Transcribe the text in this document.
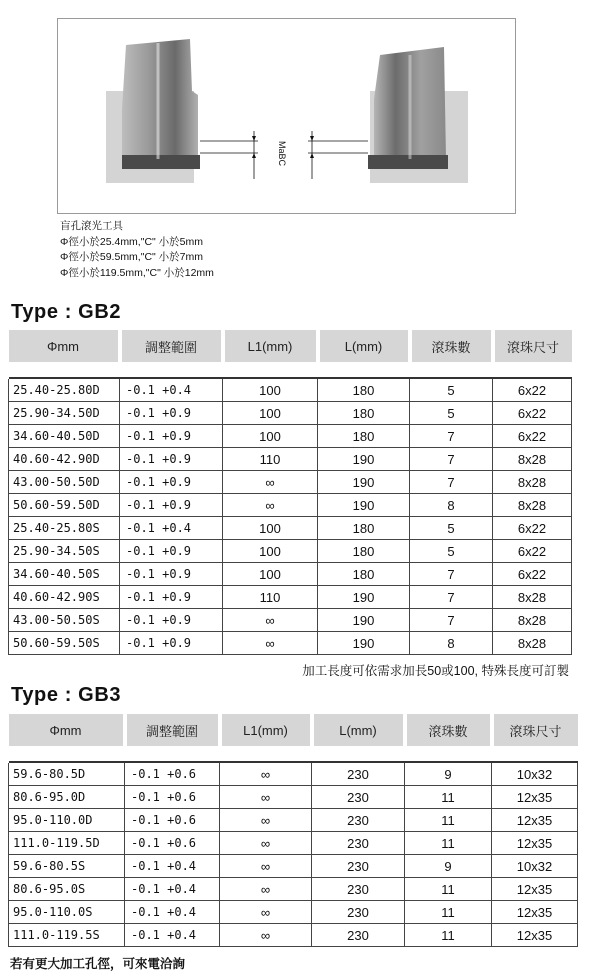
MaBC
盲孔滾光工具
Φ徑小於25.4mm,"C" 小於5mm
Φ徑小於59.5mm,"C" 小於7mm
Φ徑小於119.5mm,"C" 小於12mm
Type : GB2
Φmm	調整範圍	L1(mm)	L(mm)	滾珠數	滾珠尺寸

25.40-25.80D	-0.1 +0.4	100	180	5	6x22
25.90-34.50D	-0.1 +0.9	100	180	5	6x22
34.60-40.50D	-0.1 +0.9	100	180	7	6x22
40.60-42.90D	-0.1 +0.9	110	190	7	8x28
43.00-50.50D	-0.1 +0.9	∞	190	7	8x28
50.60-59.50D	-0.1 +0.9	∞	190	8	8x28
25.40-25.80S	-0.1 +0.4	100	180	5	6x22
25.90-34.50S	-0.1 +0.9	100	180	5	6x22
34.60-40.50S	-0.1 +0.9	100	180	7	6x22
40.60-42.90S	-0.1 +0.9	110	190	7	8x28
43.00-50.50S	-0.1 +0.9	∞	190	7	8x28
50.60-59.50S	-0.1 +0.9	∞	190	8	8x28
加工長度可依需求加長50或100, 特殊長度可訂製
Type : GB3
Φmm	調整範圍	L1(mm)	L(mm)	滾珠數	滾珠尺寸

59.6-80.5D	-0.1 +0.6	∞	230	9	10x32
80.6-95.0D	-0.1 +0.6	∞	230	11	12x35
95.0-110.0D	-0.1 +0.6	∞	230	11	12x35
111.0-119.5D	-0.1 +0.6	∞	230	11	12x35
59.6-80.5S	-0.1 +0.4	∞	230	9	10x32
80.6-95.0S	-0.1 +0.4	∞	230	11	12x35
95.0-110.0S	-0.1 +0.4	∞	230	11	12x35
111.0-119.5S	-0.1 +0.4	∞	230	11	12x35
若有更大加工孔徑，可來電洽詢
